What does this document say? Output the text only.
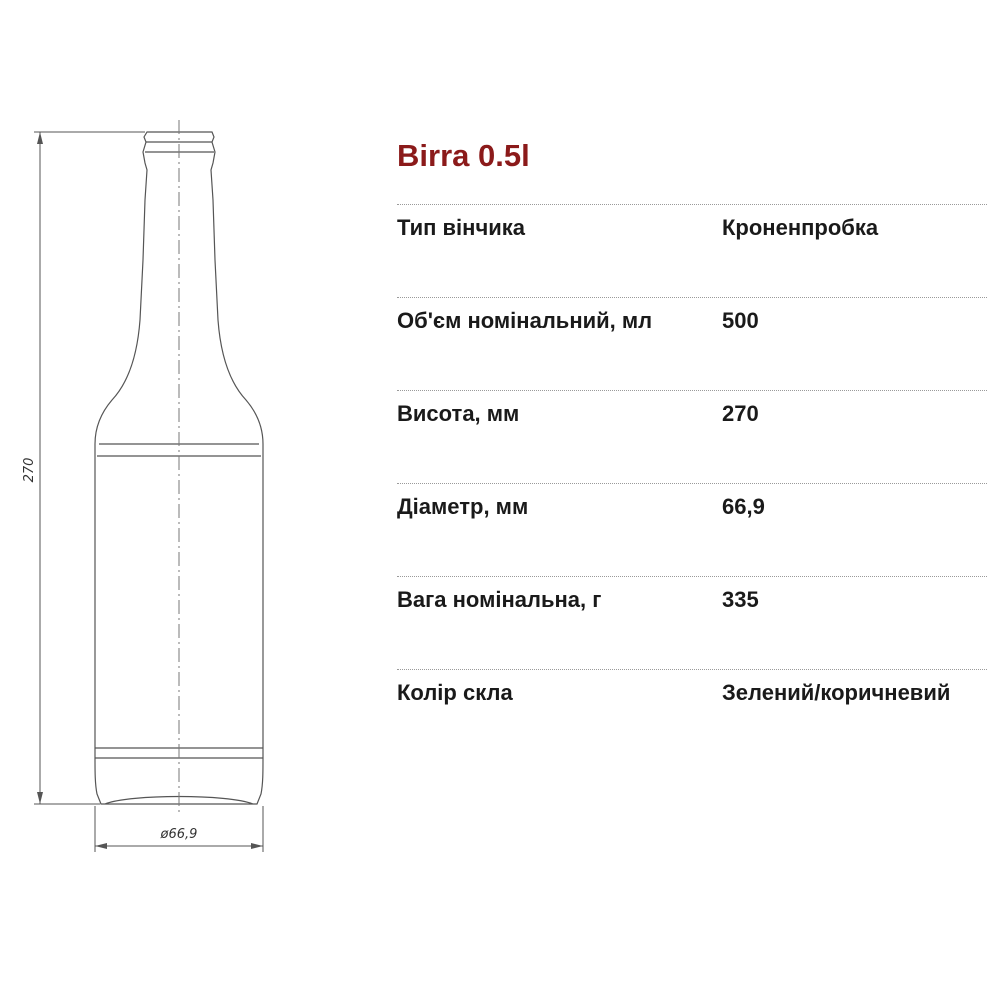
270
ø66,9
Birra 0.5l
Тип вінчика	Кроненпробка
Об'єм номінальний, мл	500
Висота, мм	270
Діаметр, мм	66,9
Вага номінальна, г	335
Колір скла	Зелений/коричневий
